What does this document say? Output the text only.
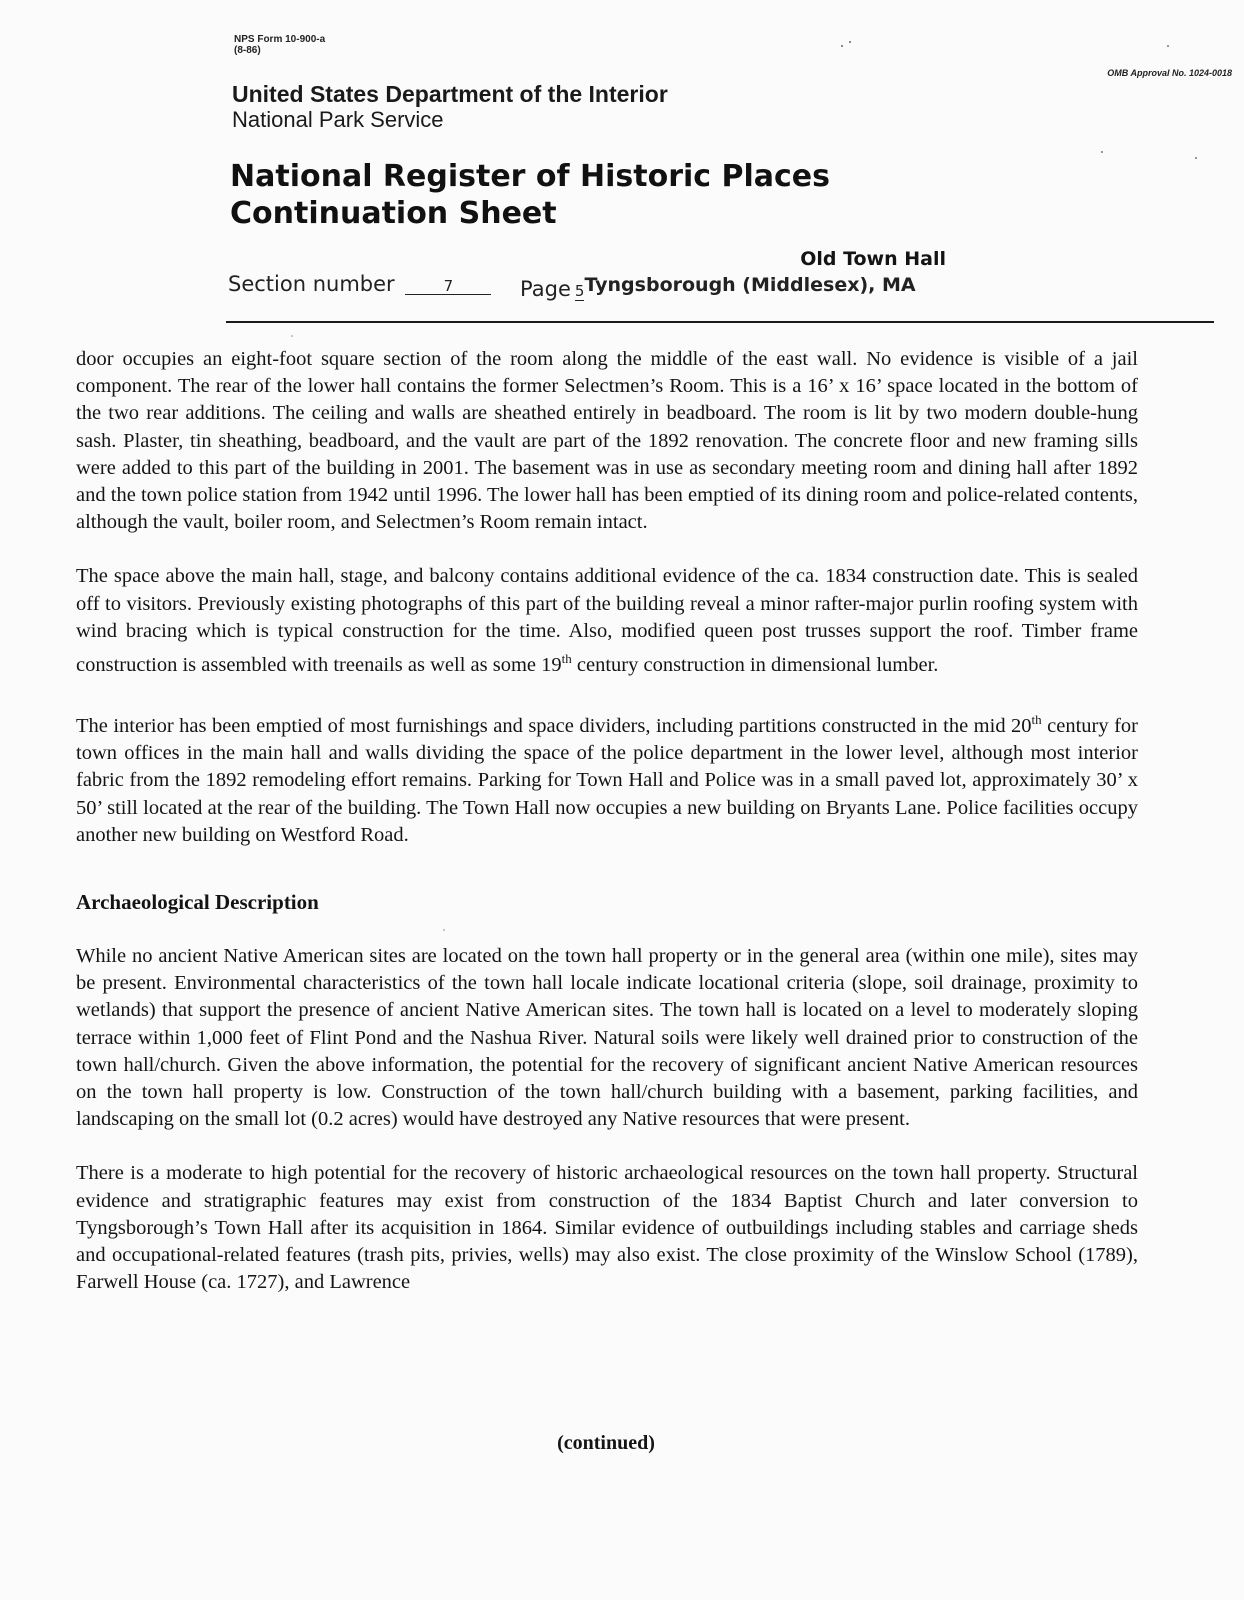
NPS Form 10-900-a
(8-86)
OMB Approval No. 1024-0018
United States Department of the Interior
National Park Service
National Register of Historic Places
Continuation Sheet
Old Town Hall
Section number	7	Page $_5$Tyngsborough (Middlesex), MA

door occupies an eight-foot square section of the room along the middle of the east wall. No evidence is visible of a jail component. The rear of the lower hall contains the former Selectmen’s Room. This is a 16’ x 16’ space located in the bottom of the two rear additions. The ceiling and walls are sheathed entirely in beadboard. The room is lit by two modern double-hung sash. Plaster, tin sheathing, beadboard, and the vault are part of the 1892 renovation. The concrete floor and new framing sills were added to this part of the building in 2001. The basement was in use as secondary meeting room and dining hall after 1892 and the town police station from 1942 until 1996. The lower hall has been emptied of its dining room and police-related contents, although the vault, boiler room, and Selectmen’s Room remain intact.

The space above the main hall, stage, and balcony contains additional evidence of the ca. 1834 construction date. This is sealed off to visitors. Previously existing photographs of this part of the building reveal a minor rafter-major purlin roofing system with wind bracing which is typical construction for the time. Also, modified queen post trusses support the roof. Timber frame construction is assembled with treenails as well as some 19th century construction in dimensional lumber.

The interior has been emptied of most furnishings and space dividers, including partitions constructed in the mid 20th century for town offices in the main hall and walls dividing the space of the police department in the lower level, although most interior fabric from the 1892 remodeling effort remains. Parking for Town Hall and Police was in a small paved lot, approximately 30’ x 50’ still located at the rear of the building. The Town Hall now occupies a new building on Bryants Lane. Police facilities occupy another new building on Westford Road.

Archaeological Description

While no ancient Native American sites are located on the town hall property or in the general area (within one mile), sites may be present. Environmental characteristics of the town hall locale indicate locational criteria (slope, soil drainage, proximity to wetlands) that support the presence of ancient Native American sites. The town hall is located on a level to moderately sloping terrace within 1,000 feet of Flint Pond and the Nashua River. Natural soils were likely well drained prior to construction of the town hall/church. Given the above information, the potential for the recovery of significant ancient Native American resources on the town hall property is low. Construction of the town hall/church building with a basement, parking facilities, and landscaping on the small lot (0.2 acres) would have destroyed any Native resources that were present.

There is a moderate to high potential for the recovery of historic archaeological resources on the town hall property. Structural evidence and stratigraphic features may exist from construction of the 1834 Baptist Church and later conversion to Tyngsborough’s Town Hall after its acquisition in 1864. Similar evidence of outbuildings including stables and carriage sheds and occupational-related features (trash pits, privies, wells) may also exist. The close proximity of the Winslow School (1789), Farwell House (ca. 1727), and Lawrence

(continued)
